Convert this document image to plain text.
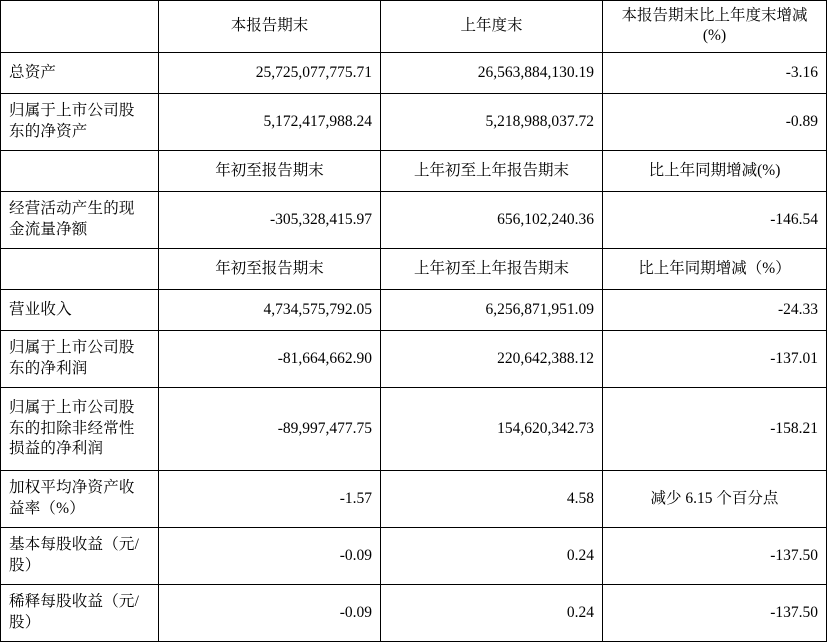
	本报告期末	上年度末	本报告期末比上年度末增减(%)
总资产	25,725,077,775.71	26,563,884,130.19	-3.16
归属于上市公司股东的净资产	5,172,417,988.24	5,218,988,037.72	-0.89
	年初至报告期末	上年初至上年报告期末	比上年同期增减(%)
经营活动产生的现金流量净额	-305,328,415.97	656,102,240.36	-146.54
	年初至报告期末	上年初至上年报告期末	比上年同期增减（%）
营业收入	4,734,575,792.05	6,256,871,951.09	-24.33
归属于上市公司股东的净利润	-81,664,662.90	220,642,388.12	-137.01
归属于上市公司股东的扣除非经常性损益的净利润	-89,997,477.75	154,620,342.73	-158.21
加权平均净资产收益率（%）	-1.57	4.58	减少 6.15 个百分点
基本每股收益（元/股）	-0.09	0.24	-137.50
稀释每股收益（元/股）	-0.09	0.24	-137.50
